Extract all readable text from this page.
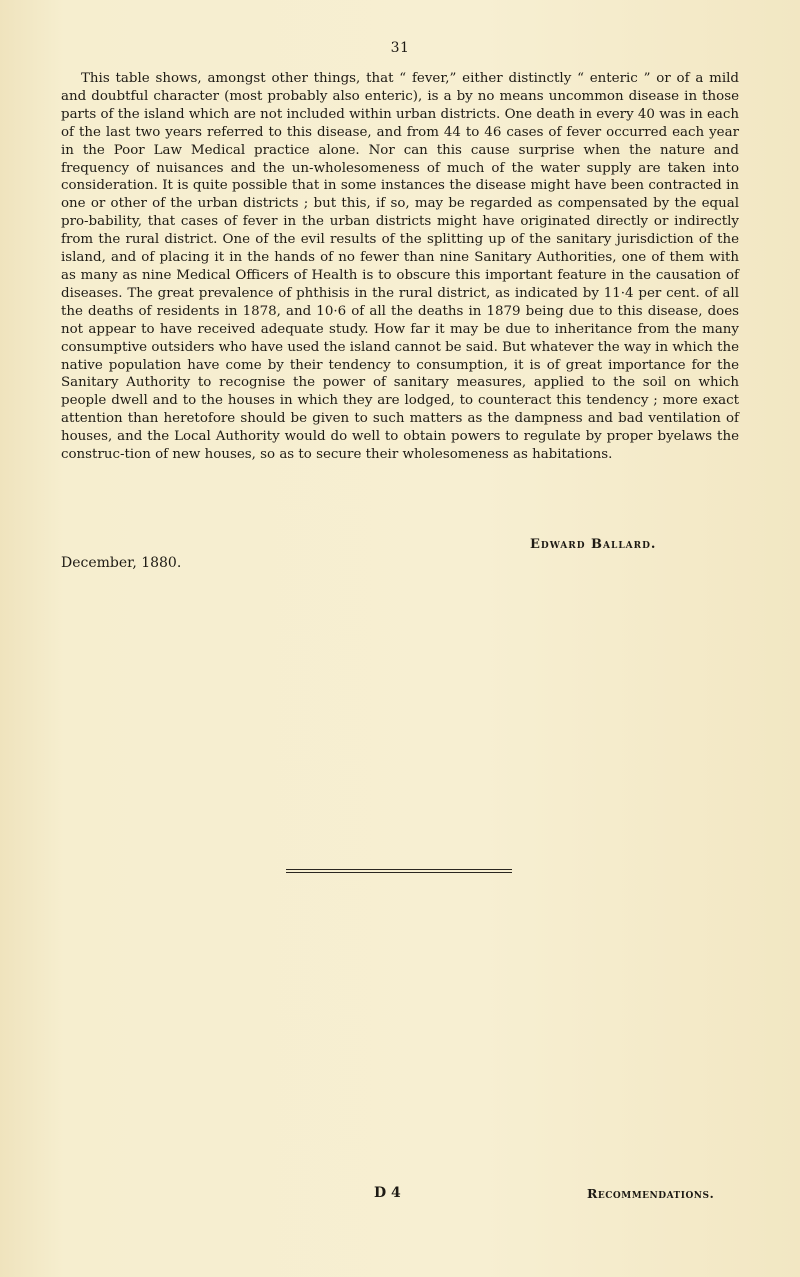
31

This table shows, amongst other things, that “ fever,” either distinctly “ enteric ” or of a mild and doubtful character (most probably also enteric), is a by no means uncommon disease in those parts of the island which are not included within urban districts. One death in every 40 was in each of the last two years referred to this disease, and from 44 to 46 cases of fever occurred each year in the Poor Law Medical practice alone. Nor can this cause surprise when the nature and frequency of nuisances and the un-wholesomeness of much of the water supply are taken into consideration. It is quite possible that in some instances the disease might have been contracted in one or other of the urban districts ; but this, if so, may be regarded as compensated by the equal pro-bability, that cases of fever in the urban districts might have originated directly or indirectly from the rural district. One of the evil results of the splitting up of the sanitary jurisdiction of the island, and of placing it in the hands of no fewer than nine Sanitary Authorities, one of them with as many as nine Medical Officers of Health is to obscure this important feature in the causation of diseases. The great prevalence of phthisis in the rural district, as indicated by 11·4 per cent. of all the deaths of residents in 1878, and 10·6 of all the deaths in 1879 being due to this disease, does not appear to have received adequate study. How far it may be due to inheritance from the many consumptive outsiders who have used the island cannot be said. But whatever the way in which the native population have come by their tendency to consumption, it is of great importance for the Sanitary Authority to recognise the power of sanitary measures, applied to the soil on which people dwell and to the houses in which they are lodged, to counteract this tendency ; more exact attention than heretofore should be given to such matters as the dampness and bad ventilation of houses, and the Local Authority would do well to obtain powers to regulate by proper byelaws the construc-tion of new houses, so as to secure their wholesomeness as habitations.

Edward Ballard.
December, 1880.
D 4	Recommendations.
